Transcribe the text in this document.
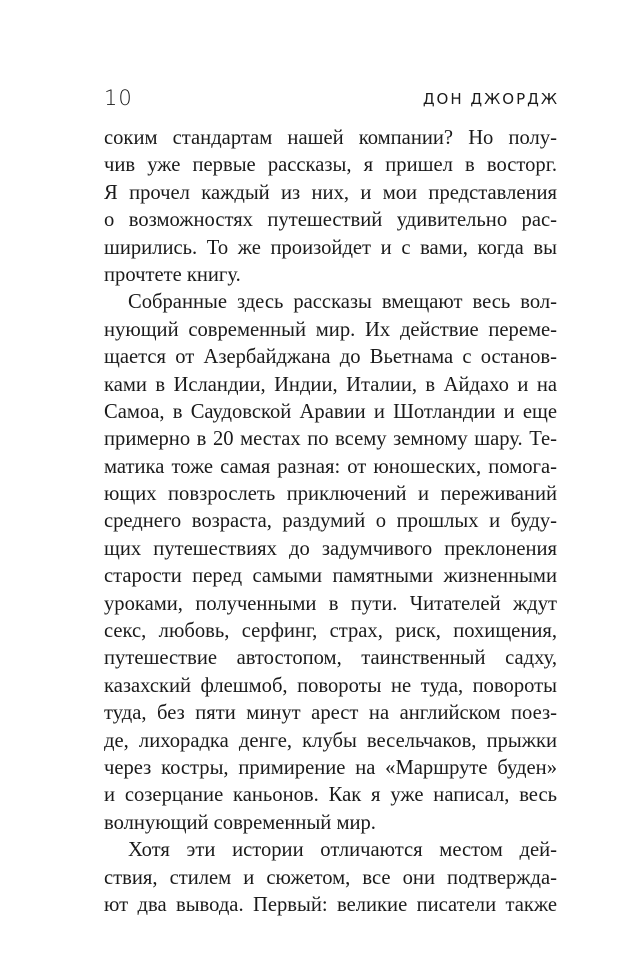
10	ДОН ДЖОРДЖ
соким стандартам нашей компании? Но полу-
чив уже первые рассказы, я пришел в восторг.
Я прочел каждый из них, и мои представления
о возможностях путешествий удивительно рас-
ширились. То же произойдет и с вами, когда вы
прочтете книгу.
Собранные здесь рассказы вмещают весь вол-
нующий современный мир. Их действие переме-
щается от Азербайджана до Вьетнама с останов-
ками в Исландии, Индии, Италии, в Айдахо и на
Самоа, в Саудовской Аравии и Шотландии и еще
примерно в 20 местах по всему земному шару. Те-
матика тоже самая разная: от юношеских, помога-
ющих повзрослеть приключений и переживаний
среднего возраста, раздумий о прошлых и буду-
щих путешествиях до задумчивого преклонения
старости перед самыми памятными жизненными
уроками, полученными в пути. Читателей ждут
секс, любовь, серфинг, страх, риск, похищения,
путешествие автостопом, таинственный садху,
казахский флешмоб, повороты не туда, повороты
туда, без пяти минут арест на английском поез-
де, лихорадка денге, клубы весельчаков, прыжки
через костры, примирение на «Маршруте буден»
и созерцание каньонов. Как я уже написал, весь
волнующий современный мир.
Хотя эти истории отличаются местом дей-
ствия, стилем и сюжетом, все они подтвержда-
ют два вывода. Первый: великие писатели также
